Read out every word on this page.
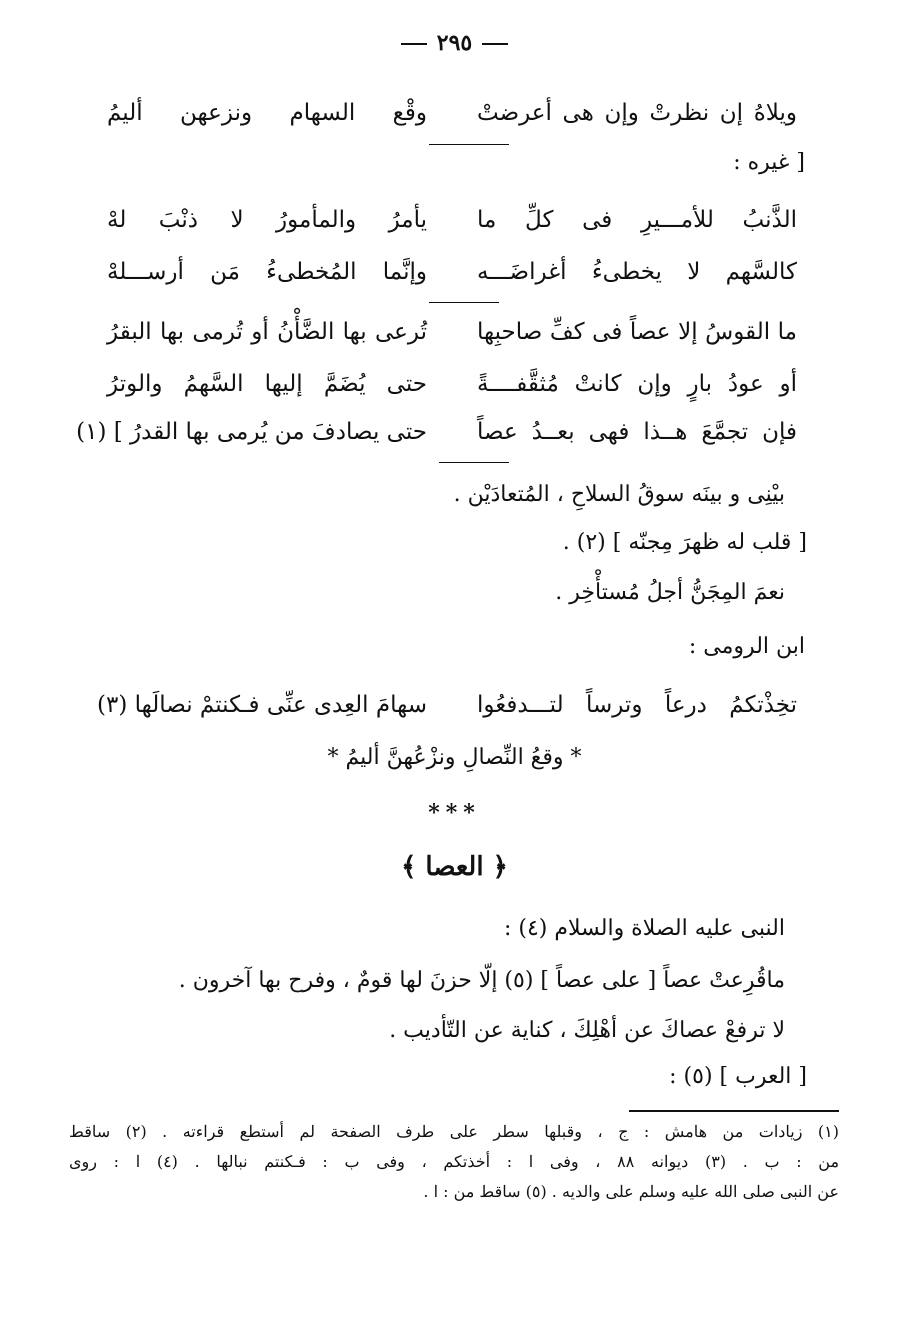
٢٩٥
ويلاهُ إن نظرتْ وإن هى أعرضتْ
وقْع السهام ونزعهن أليمُ
[ غيره :
الذَّنبُ للأمـــيرِ فى كلِّ ما
يأمرُ والمأمورُ لا ذنْبَ لهْ
كالسَّهم لا يخطىءُ أغراضَـــه
وإنَّما المُخطىءُ مَن أرســـلهْ
ما القوسُ إلا عصاً فى كفِّ صاحبِها
تُرعى بها الضَّأْنُ أو تُرمى بها البقرُ
أو عودُ بارٍ وإن كانتْ مُثقَّفــــةً
حتى يُضَمَّ إليها السَّهمُ والوترُ
فإن تجمَّعَ هــذا فهى بعــدُ عصاً
حتى يصادفَ من يُرمى بها القدرُ ] (١)
بيْنِى و بينَه سوقُ السلاحِ ، المُتعادَيْن .
[ قلب له ظهرَ مِجنّه ] (٢) .
نعمَ المِجَنُّ أجلُ مُستأْخِر .
ابن الرومى :
تخِذْتكمُ درعاً وترساً لتـــدفعُوا
سهامَ العِدى عنِّى فـكنتمْ نصالَها (٣)
* وقعُ النِّصالِ ونزْعُهنَّ أليمُ *
***
﴿ العصا ﴾
النبى عليه الصلاة والسلام (٤) :
ماقُرِعتْ عصاً [ على عصاً ] (٥) إلّا حزنَ لها قومٌ ، وفرح بها آخرون .
لا ترفعْ عصاكَ عن أهْلِكَ ، كناية عن التّأديب .
[ العرب ] (٥) :
(١) زيادات من هامش : ج ، وقبلها سطر على طرف الصفحة لم أستطع قراءته . (٢) ساقط
من : ب . (٣) ديوانه ٨٨ ، وفى ا : أخذتكم ، وفى ب : فـكنتم نبالها . (٤) ا : روى
عن النبى صلى الله عليه وسلم على والديه . (٥) ساقط من : ا .
